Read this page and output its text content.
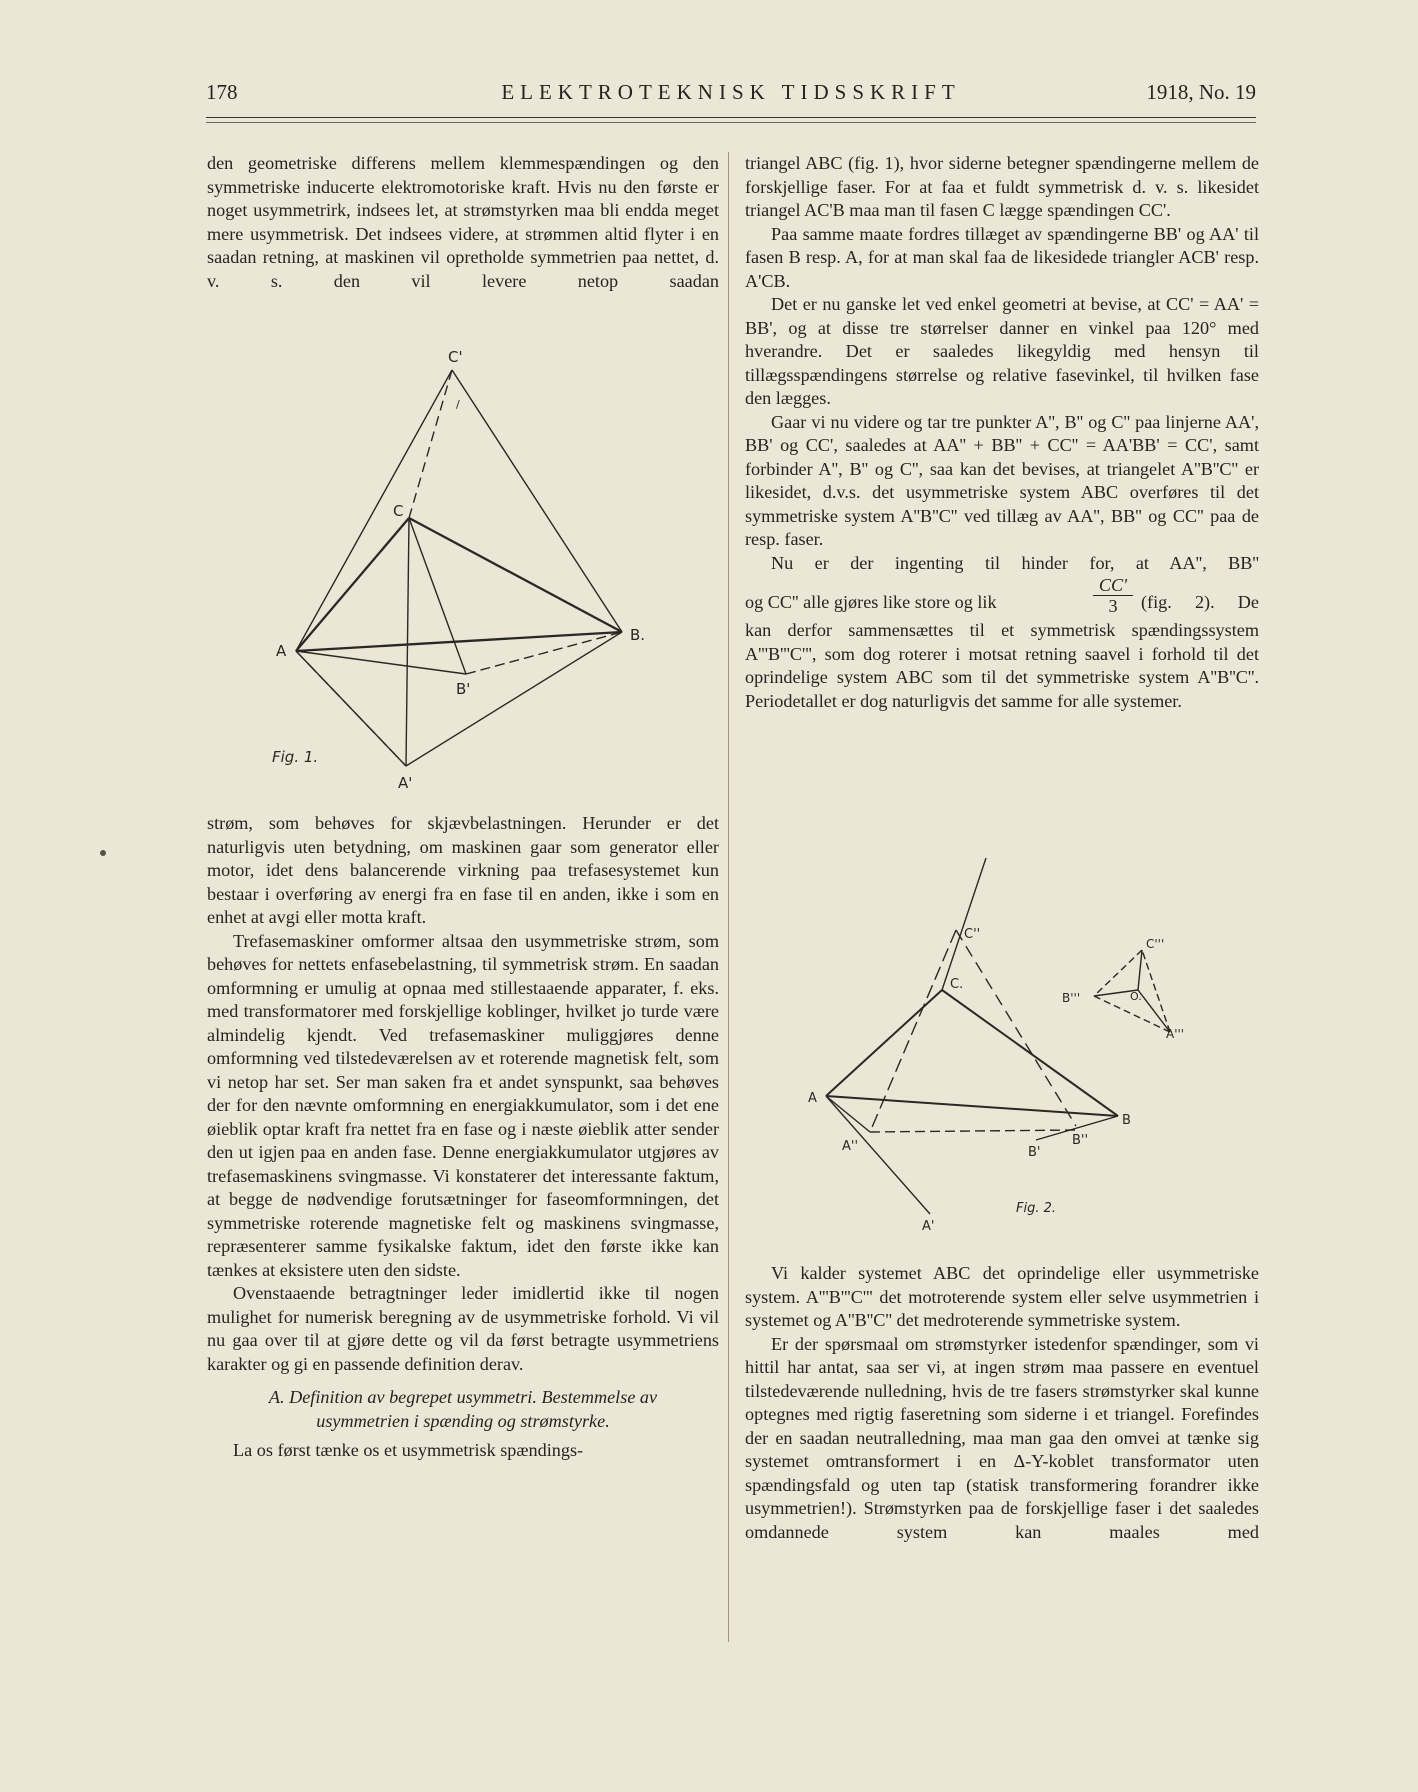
178	ELEKTROTEKNISK TIDSSKRIFT	1918, No. 19

den geometriske differens mellem klemmespændingen og den symmetriske inducerte elektromotoriske kraft. Hvis nu den første er noget usymmetrirk, indsees let, at strømstyrken maa bli endda meget mere usymmetrisk. Det indsees videre, at strømmen altid flyter i en saadan retning, at maskinen vil opretholde symmetrien paa nettet, d. v. s. den vil levere netop saadan

C'
C
A
B.
B'
A'
/
Fig. 1.

strøm, som behøves for skjævbelastningen. Herunder er det naturligvis uten betydning, om maskinen gaar som generator eller motor, idet dens balancerende virkning paa trefasesystemet kun bestaar i overføring av energi fra en fase til en anden, ikke i som en enhet at avgi eller motta kraft.

Trefasemaskiner omformer altsaa den usymmetriske strøm, som behøves for nettets enfasebelastning, til symmetrisk strøm. En saadan omformning er umulig at opnaa med stillestaaende apparater, f. eks. med transformatorer med forskjellige koblinger, hvilket jo turde være almindelig kjendt. Ved trefasemaskiner muliggjøres denne omformning ved tilstedeværelsen av et roterende magnetisk felt, som vi netop har set. Ser man saken fra et andet synspunkt, saa behøves der for den nævnte omformning en energiakkumulator, som i det ene øieblik optar kraft fra nettet fra en fase og i næste øieblik atter sender den ut igjen paa en anden fase. Denne energiakkumulator utgjøres av trefasemaskinens svingmasse. Vi konstaterer det interessante faktum, at begge de nødvendige forutsætninger for faseomformningen, det symmetriske roterende magnetiske felt og maskinens svingmasse, repræsenterer samme fysikalske faktum, idet den første ikke kan tænkes at eksistere uten den sidste.

Ovenstaaende betragtninger leder imidlertid ikke til nogen mulighet for numerisk beregning av de usymmetriske forhold. Vi vil nu gaa over til at gjøre dette og vil da først betragte usymmetriens karakter og gi en passende definition derav.

A. Definition av begrepet usymmetri. Bestemmelse av

usymmetrien i spænding og strømstyrke.

La os først tænke os et usymmetrisk spændings-

triangel ABC (fig. 1), hvor siderne betegner spændingerne mellem de forskjellige faser. For at faa et fuldt symmetrisk d. v. s. likesidet triangel AC'B maa man til fasen C lægge spændingen CC'.

Paa samme maate fordres tillæget av spændingerne BB' og AA' til fasen B resp. A, for at man skal faa de likesidede triangler ACB' resp. A'CB.

Det er nu ganske let ved enkel geometri at bevise, at CC' = AA' = BB', og at disse tre størrelser danner en vinkel paa 120° med hverandre. Det er saaledes likegyldig med hensyn til tillægsspændingens størrelse og relative fasevinkel, til hvilken fase den lægges.

Gaar vi nu videre og tar tre punkter A'', B'' og C'' paa linjerne AA', BB' og CC', saaledes at AA'' + BB'' + CC'' = AA'BB' = CC', samt forbinder A'', B'' og C'', saa kan det bevises, at triangelet A''B''C'' er likesidet, d.v.s. det usymmetriske system ABC overføres til det symmetriske system A''B''C'' ved tillæg av AA'', BB'' og CC'' paa de resp. faser.

Nu er der ingenting til hinder for, at AA'', BB''

og CC'' alle gjøres like store og lik	$\frac{CC'}{3} (fig$. 2). De

kan derfor sammensættes til et symmetrisk spændingssystem A'''B'''C''', som dog roterer i motsat retning saavel i forhold til det oprindelige system ABC som til det symmetriske system A''B''C''. Periodetallet er dog naturligvis det samme for alle systemer.

C''
C.
A
A''
B
B''
B'
A'
C'''
B'''
A'''
O.
Fig. 2.

Vi kalder systemet ABC det oprindelige eller usymmetriske system. A'''B'''C''' det motroterende system eller selve usymmetrien i systemet og A''B''C'' det medroterende symmetriske system.

Er der spørsmaal om strømstyrker istedenfor spændinger, som vi hittil har antat, saa ser vi, at ingen strøm maa passere en eventuel tilstedeværende nulledning, hvis de tre fasers strømstyrker skal kunne optegnes med rigtig faseretning som siderne i et triangel. Forefindes der en saadan neutralledning, maa man gaa den omvei at tænke sig systemet omtransformert i en Δ-Y-koblet transformator uten spændingsfald og uten tap (statisk transformering forandrer ikke usymmetrien!). Strømstyrken paa de forskjellige faser i det saaledes omdannede system kan maales med
